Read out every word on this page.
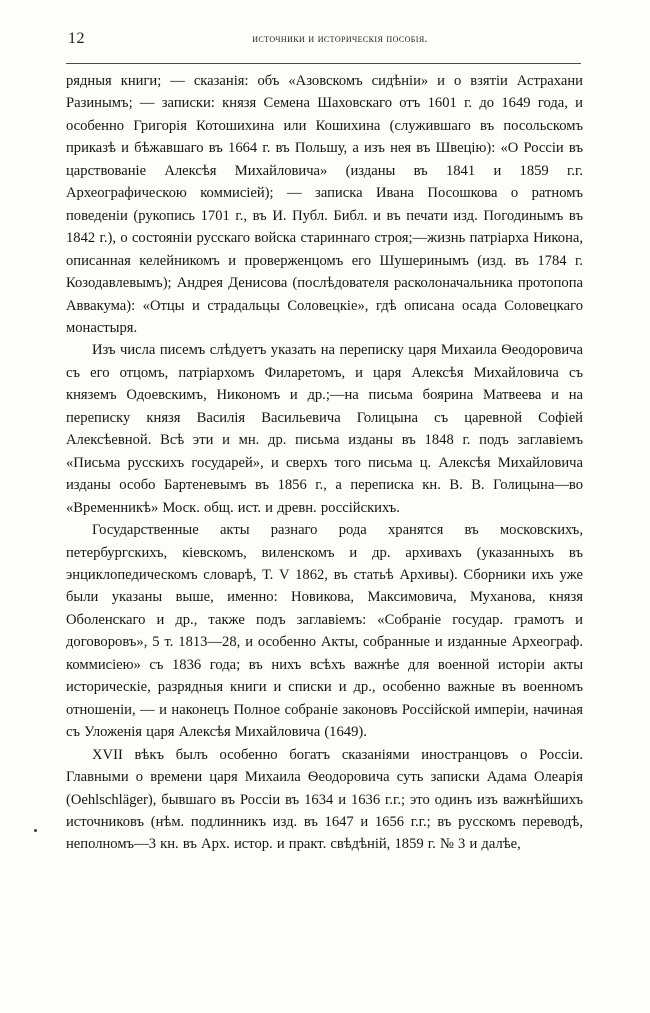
12	источники и историческія пособія.

рядныя книги; — сказанія: объ «Азовскомъ сидѣніи» и о взятіи Астрахани Разинымъ; — записки: князя Семена Шаховскаго отъ 1601 г. до 1649 года, и особенно Григорія Котошихина или Кошихина (служившаго въ посольскомъ приказѣ и бѣжавшаго въ 1664 г. въ Польшу, а изъ нея въ Швецію): «О Россіи въ царствованіе Алексѣя Михайловича» (изданы въ 1841 и 1859 г.г. Археографическою коммисіей); — записка Ивана Посошкова о ратномъ поведеніи (рукопись 1701 г., въ И. Публ. Библ. и въ печати изд. Погодинымъ въ 1842 г.), о состояніи русскаго войска стариннаго строя;—жизнь патріарха Никона, описанная келейникомъ и проверженцомъ его Шушеринымъ (изд. въ 1784 г. Козодавлевымъ); Андрея Денисова (послѣдователя расколоначальника протопопа Аввакума): «Отцы и страдальцы Соловецкіе», гдѣ описана осада Соловецкаго монастыря.

Изъ числа писемъ слѣдуетъ указать на переписку царя Михаила Ѳеодоровича съ его отцомъ, патріархомъ Филаретомъ, и царя Алексѣя Михайловича съ княземъ Одоевскимъ, Никономъ и др.;—на письма боярина Матвеева и на переписку князя Василія Васильевича Голицына съ царевной Софіей Алексѣевной. Всѣ эти и мн. др. письма изданы въ 1848 г. подъ заглавіемъ «Письма русскихъ государей», и сверхъ того письма ц. Алексѣя Михайловича изданы особо Бартеневымъ въ 1856 г., а переписка кн. В. В. Голицына—во «Временникѣ» Моск. общ. ист. и древн. россійскихъ.

Государственные акты разнаго рода хранятся въ московскихъ, петербургскихъ, кіевскомъ, виленскомъ и др. архивахъ (указанныхъ въ энциклопедическомъ словарѣ, Т. V 1862, въ статьѣ Архивы). Сборники ихъ уже были указаны выше, именно: Новикова, Максимовича, Муханова, князя Оболенскаго и др., также подъ заглавіемъ: «Собраніе государ. грамотъ и договоровъ», 5 т. 1813—28, и особенно Акты, собранные и изданные Археограф. коммисіею» съ 1836 года; въ нихъ всѣхъ важнѣе для военной исторіи акты историческіе, разрядныя книги и списки и др., особенно важные въ военномъ отношеніи, — и наконецъ Полное собраніе законовъ Россійской имперіи, начиная съ Уложенія царя Алексѣя Михайловича (1649).

XVII вѣкъ былъ особенно богатъ сказаніями иностранцовъ о Россіи. Главными о времени царя Михаила Ѳеодоровича суть записки Адама Олеарія (Oehlschläger), бывшаго въ Россіи въ 1634 и 1636 г.г.; это одинъ изъ важнѣйшихъ источниковъ (нѣм. подлинникъ изд. въ 1647 и 1656 г.г.; въ русскомъ переводѣ, неполномъ—3 кн. въ Арх. истор. и практ. свѣдѣній, 1859 г. № 3 и далѣе,
